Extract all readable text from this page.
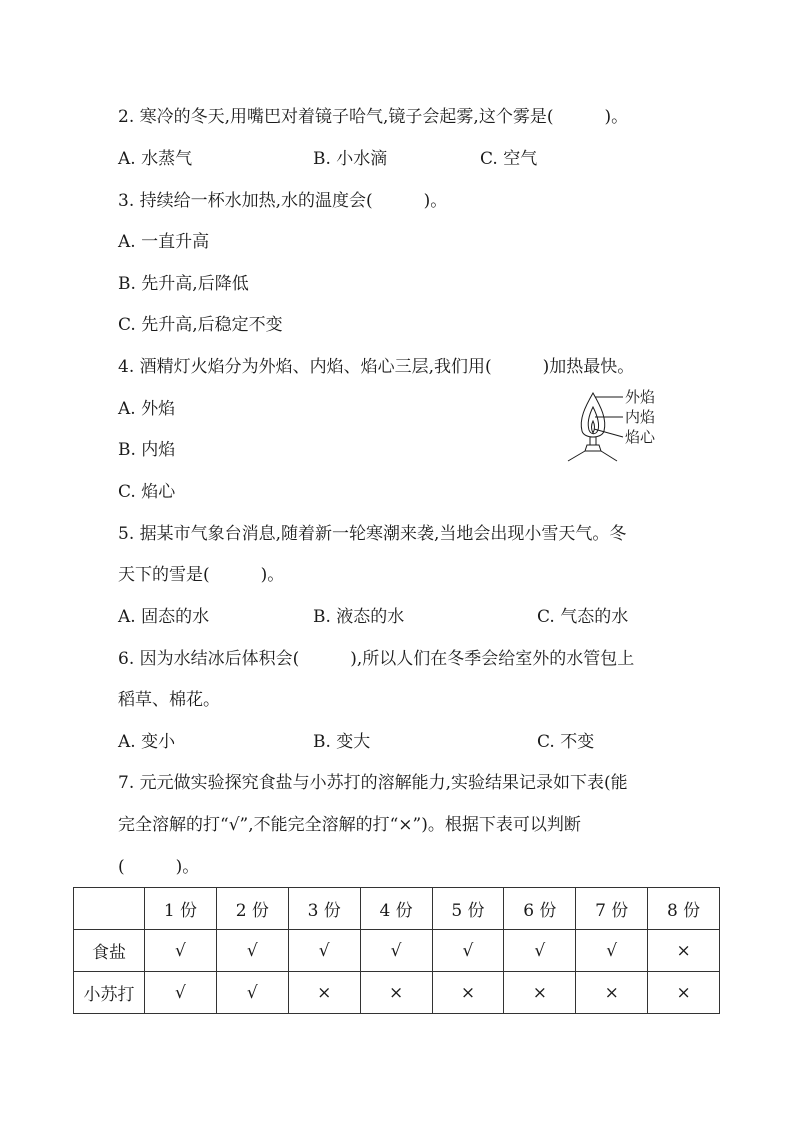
2. 寒冷的冬天,用嘴巴对着镜子哈气,镜子会起雾,这个雾是(　　　)。
A. 水蒸气	B. 小水滴	C. 空气
3. 持续给一杯水加热,水的温度会(　　　)。
A. 一直升高
B. 先升高,后降低
C. 先升高,后稳定不变
4. 酒精灯火焰分为外焰、内焰、焰心三层,我们用(　　　)加热最快。
A. 外焰
B. 内焰
C. 焰心
外焰
内焰
焰心
5. 据某市气象台消息,随着新一轮寒潮来袭,当地会出现小雪天气。冬
天下的雪是(　　　)。
A. 固态的水	B. 液态的水	C. 气态的水
6. 因为水结冰后体积会(　　　),所以人们在冬季会给室外的水管包上
稻草、棉花。
A. 变小	B. 变大	C. 不变
7. 元元做实验探究食盐与小苏打的溶解能力,实验结果记录如下表(能
完全溶解的打“√”,不能完全溶解的打“×”)。根据下表可以判断
(　　　)。
	1 份	2 份	3 份	4 份	5 份	6 份	7 份	8 份
食盐	√	√	√	√	√	√	√	×
小苏打	√	√	×	×	×	×	×	×
